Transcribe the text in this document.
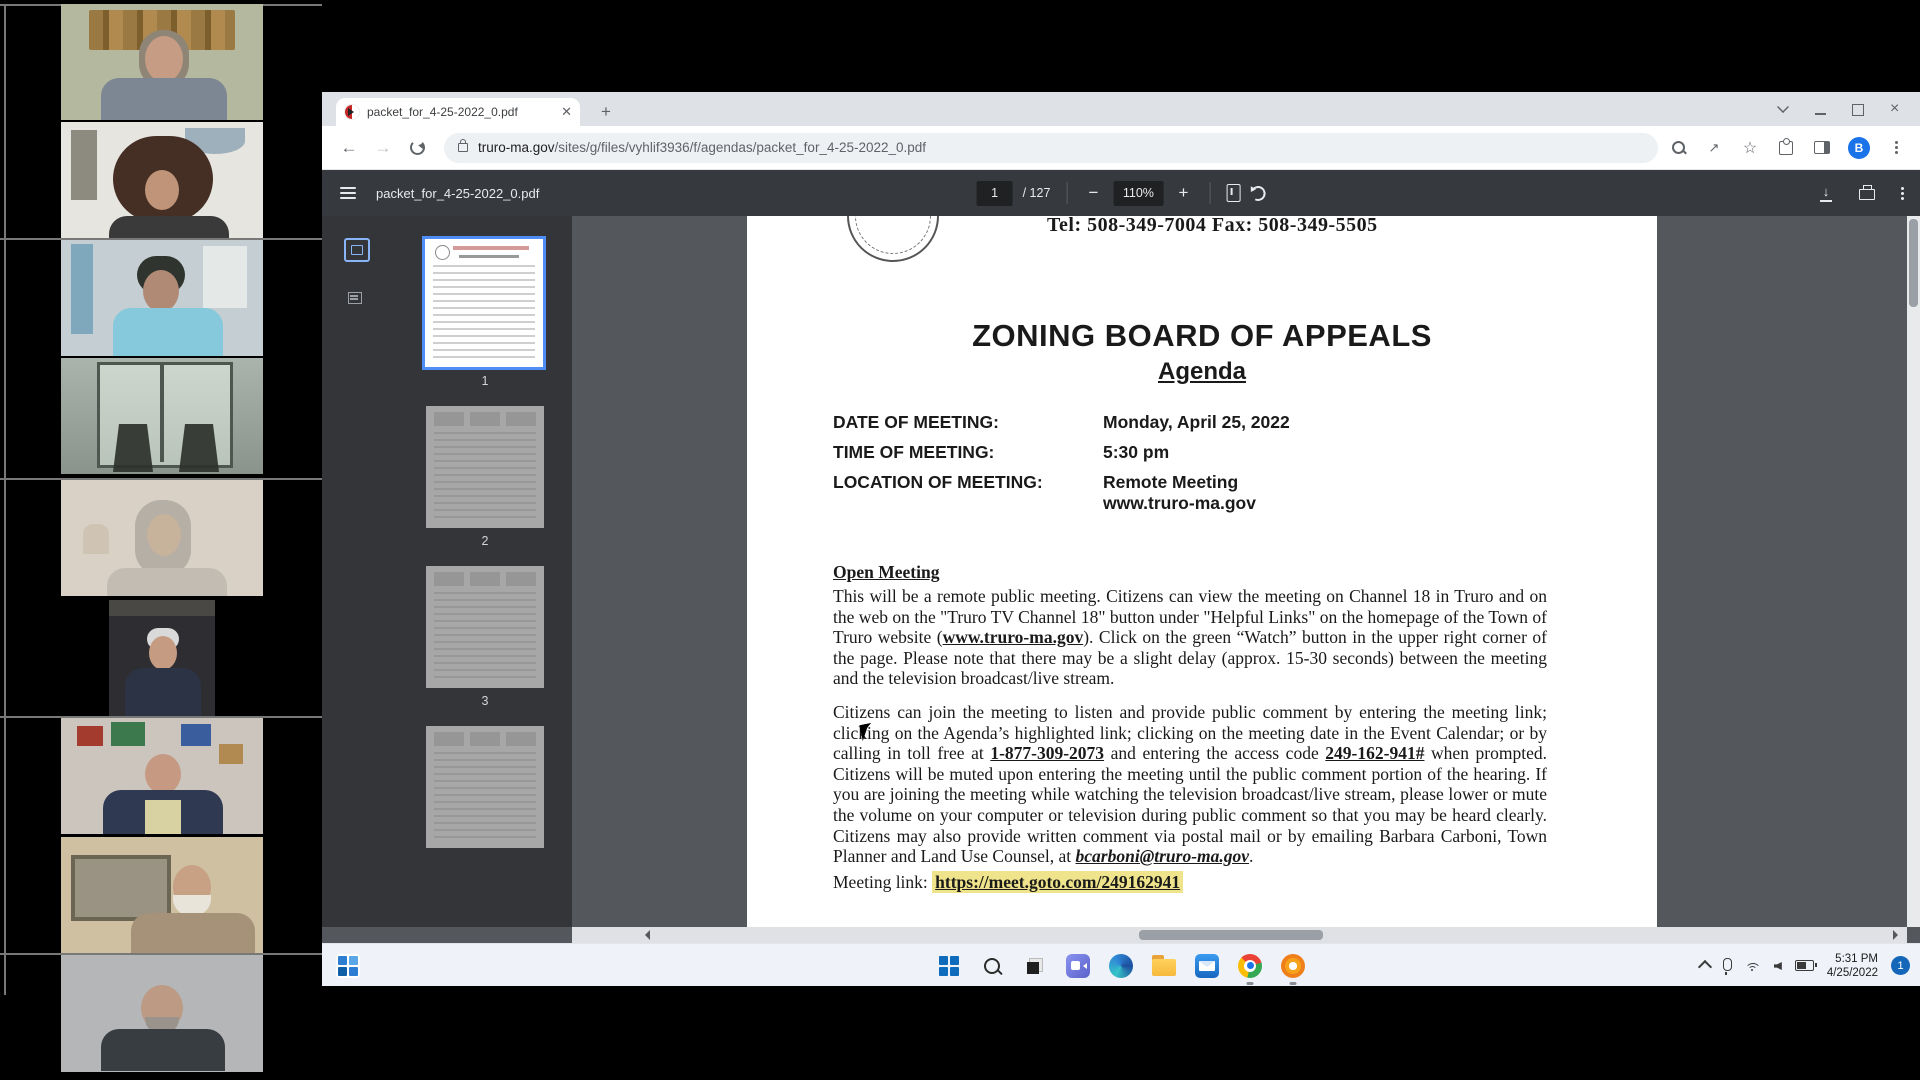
packet_for_4-25-2022_0.pdf	✕	+	×
←	→	truro-ma.gov/sites/g/files/vyhlif3936/f/agendas/packet_for_4-25-2022_0.pdf	↗ ☆	B
packet_for_4-25-2022_0.pdf	1	/ 127 −	110%	+	↓
1
2
3
Tel: 508-349-7004 Fax: 508-349-5505
ZONING BOARD OF APPEALS
Agenda
DATE OF MEETING:	Monday, April 25, 2022
TIME OF MEETING:	5:30 pm
LOCATION OF MEETING:	Remote Meeting
www.truro-ma.gov
Open Meeting

This will be a remote public meeting. Citizens can view the meeting on Channel 18 in Truro and on the web on the "Truro TV Channel 18" button under "Helpful Links" on the homepage of the Town of Truro website (www.truro-ma.gov). Click on the green “Watch” button in the upper right corner of the page. Please note that there may be a slight delay (approx. 15-30 seconds) between the meeting and the television broadcast/live stream.

Citizens can join the meeting to listen and provide public comment by entering the meeting link; clicking on the Agenda’s highlighted link; clicking on the meeting date in the Event Calendar; or by calling in toll free at 1-877-309-2073 and entering the access code 249-162-941# when prompted. Citizens will be muted upon entering the meeting until the public comment portion of the hearing. If you are joining the meeting while watching the television broadcast/live stream, please lower or mute the volume on your computer or television during public comment so that you may be heard clearly. Citizens may also provide written comment via postal mail or by emailing Barbara Carboni, Town Planner and Land Use Counsel, at bcarboni@truro-ma.gov.

Meeting link: https://meet.goto.com/249162941
5:31 PM
4/25/2022
1
